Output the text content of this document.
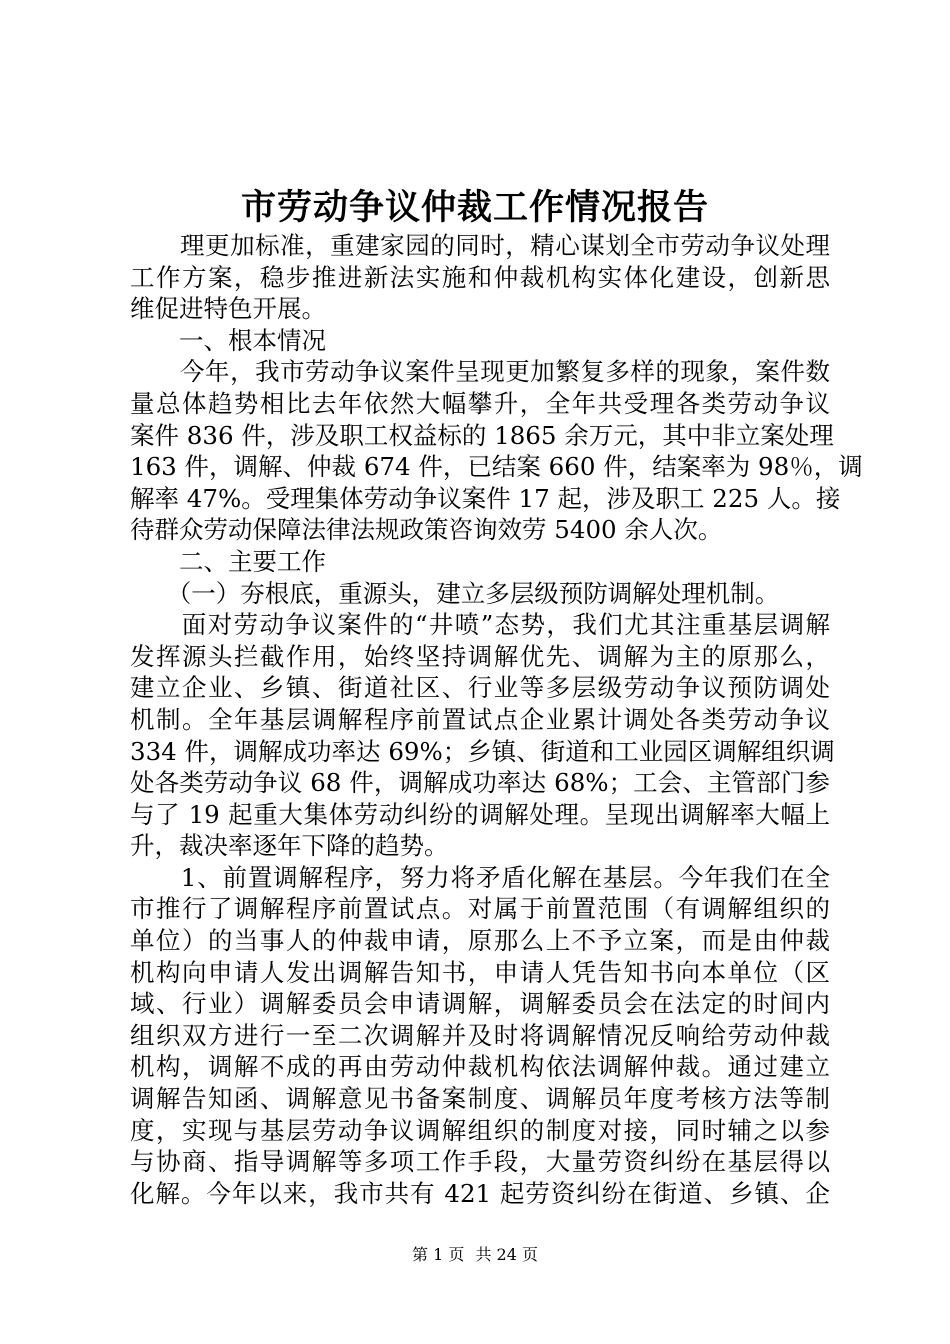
市劳动争议仲裁工作情况报告
　　理更加标准，重建家园的同时，精心谋划全市劳动争议处理
工作方案，稳步推进新法实施和仲裁机构实体化建设，创新思
维促进特色开展。
　　一、根本情况
　　今年，我市劳动争议案件呈现更加繁复多样的现象，案件数
量总体趋势相比去年依然大幅攀升，全年共受理各类劳动争议
案件 836 件，涉及职工权益标的 1865 余万元，其中非立案处理
163 件，调解、仲裁 674 件，已结案 660 件，结案率为 98％，调
解率 47%。受理集体劳动争议案件 17 起，涉及职工 225 人。接
待群众劳动保障法律法规政策咨询效劳 5400 余人次。
　　二、主要工作
　　（一）夯根底，重源头，建立多层级预防调解处理机制。
　　面对劳动争议案件的“井喷”态势，我们尤其注重基层调解
发挥源头拦截作用，始终坚持调解优先、调解为主的原那么，
建立企业、乡镇、街道社区、行业等多层级劳动争议预防调处
机制。全年基层调解程序前置试点企业累计调处各类劳动争议
334 件，调解成功率达 69%；乡镇、街道和工业园区调解组织调
处各类劳动争议 68 件，调解成功率达 68%；工会、主管部门参
与了 19 起重大集体劳动纠纷的调解处理。呈现出调解率大幅上
升，裁决率逐年下降的趋势。
　　1、前置调解程序，努力将矛盾化解在基层。今年我们在全
市推行了调解程序前置试点。对属于前置范围（有调解组织的
单位）的当事人的仲裁申请，原那么上不予立案，而是由仲裁
机构向申请人发出调解告知书，申请人凭告知书向本单位（区
域、行业）调解委员会申请调解，调解委员会在法定的时间内
组织双方进行一至二次调解并及时将调解情况反响给劳动仲裁
机构，调解不成的再由劳动仲裁机构依法调解仲裁。通过建立
调解告知函、调解意见书备案制度、调解员年度考核方法等制
度，实现与基层劳动争议调解组织的制度对接，同时辅之以参
与协商、指导调解等多项工作手段，大量劳资纠纷在基层得以
化解。今年以来，我市共有 421 起劳资纠纷在街道、乡镇、企
第 1 页 共 24 页
